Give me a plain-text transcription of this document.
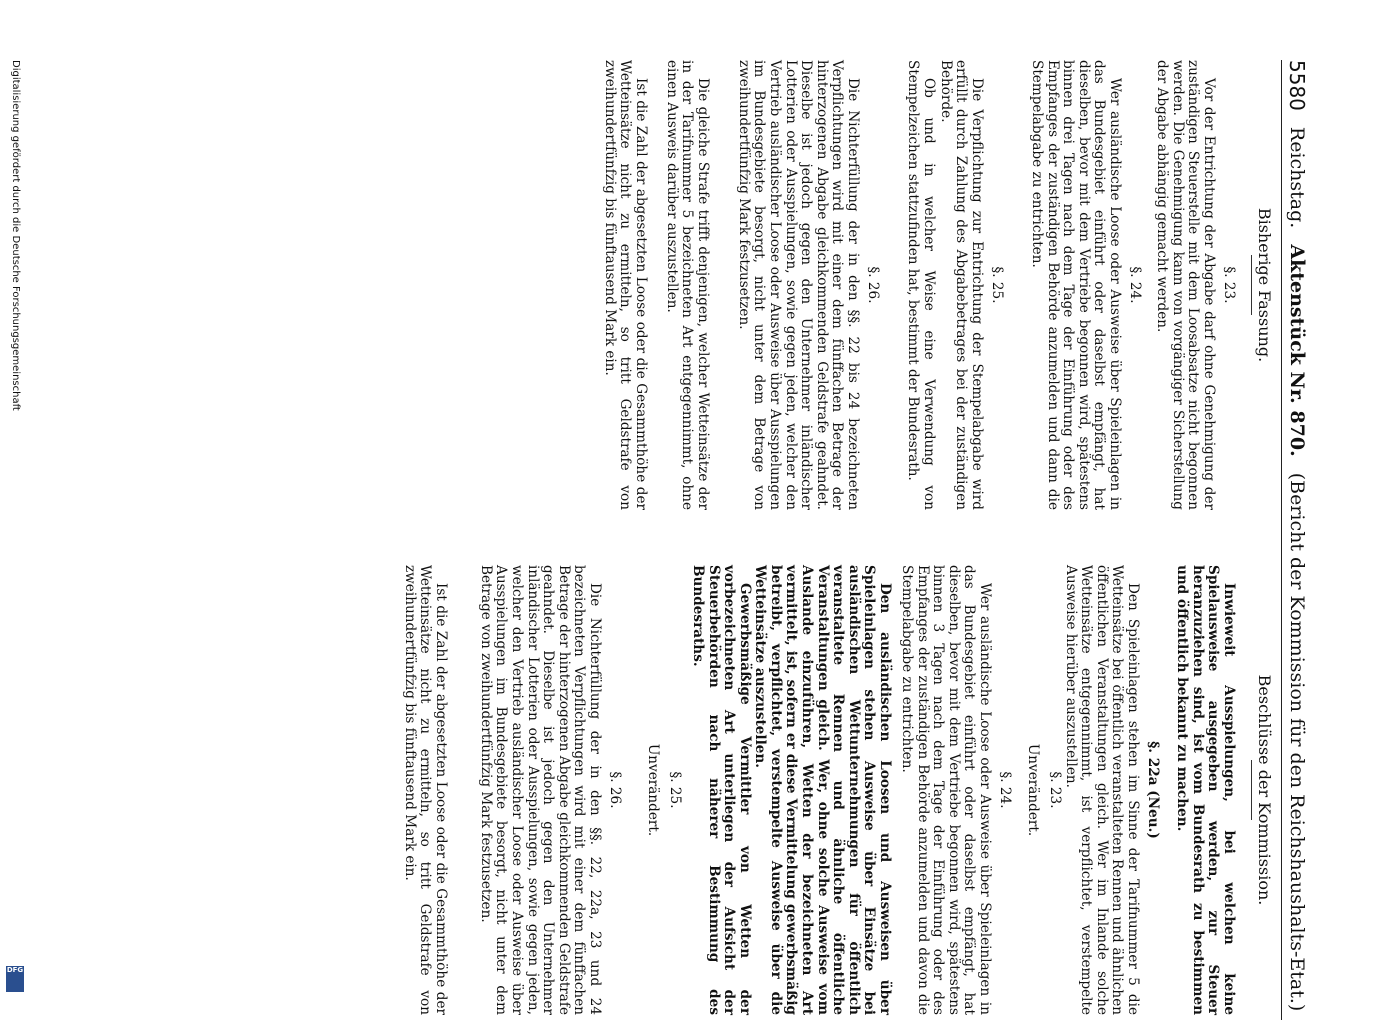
5580
Reichstag.
Aktenstück Nr. 870.
(Bericht der Kommission für den Reichshaushalts-Etat.)
Bisherige Fassung.

§. 23.

Vor der Entrichtung der Abgabe darf ohne Genehmigung der zuständigen Steuerstelle mit dem Loosabsatze nicht begonnen werden. Die Genehmigung kann von vorgängiger Sicherstellung der Abgabe abhängig gemacht werden.

§. 24.

Wer ausländische Loose oder Ausweise über Spieleinlagen in das Bundesgebiet einführt oder daselbst empfängt, hat dieselben, bevor mit dem Vertriebe begonnen wird, spätestens binnen drei Tagen nach dem Tage der Einführung oder des Empfanges der zuständigen Behörde anzumelden und dann die Stempelabgabe zu entrichten.

§. 25.

Die Verpflichtung zur Entrichtung der Stempelabgabe wird erfüllt durch Zahlung des Abgabebetrages bei der zuständigen Behörde.

Ob und in welcher Weise eine Verwendung von Stempelzeichen stattzufinden hat, bestimmt der Bundesrath.

§. 26.

Die Nichterfüllung der in den §§. 22 bis 24 bezeichneten Verpflichtungen wird mit einer dem fünffachen Betrage der hinterzogenen Abgabe gleichkommenden Geldstrafe geahndet. Dieselbe ist jedoch gegen den Unternehmer inländischer Lotterien oder Ausspielungen, sowie gegen jeden, welcher den Vertrieb ausländischer Loose oder Ausweise über Ausspielungen im Bundesgebiete besorgt, nicht unter dem Betrage von zweihundertfünfzig Mark festzusetzen.

Die gleiche Strafe trifft denjenigen, welcher Wetteinsätze der in der Tarifnummer 5 bezeichneten Art entgegennimmt, ohne einen Ausweis darüber auszustellen.

Ist die Zahl der abgesetzten Loose oder die Gesammthöhe der Wetteinsätze nicht zu ermitteln, so tritt Geldstrafe von zweihundertfünfzig bis fünftausend Mark ein.

Beschlüsse der Kommission.

Inwieweit Ausspielungen, bei welchen keine Spielausweise ausgegeben werden, zur Steuer heranzuziehen sind, ist vom Bundesrath zu bestimmen und öffentlich bekannt zu machen.

§. 22a (Neu.)

Den Spieleinlagen stehen im Sinne der Tarifnummer 5 die Wetteinsätze bei öffentlich veranstalteten Rennen und ähnlichen öffentlichen Veranstaltungen gleich. Wer im Inlande solche Wetteinsätze entgegennimmt, ist verpflichtet, verstempelte Ausweise hierüber auszustellen.

§. 23.

Unverändert.

§. 24.

Wer ausländische Loose oder Ausweise über Spieleinlagen in das Bundesgebiet einführt oder daselbst empfängt, hat dieselben, bevor mit dem Vertriebe begonnen wird, spätestens binnen 3 Tagen nach dem Tage der Einführung oder des Empfanges der zuständigen Behörde anzumelden und davon die Stempelabgabe zu entrichten.

Den ausländischen Loosen und Ausweisen über Spieleinlagen stehen Ausweise über Einsätze bei ausländischen Wettunternehmungen für öffentlich veranstaltete Rennen und ähnliche öffentliche Veranstaltungen gleich. Wer, ohne solche Ausweise vom Auslande einzuführen, Wetten der bezeichneten Art vermittelt, ist, sofern er diese Vermittelung gewerbsmäßig betreibt, verpflichtet, verstempelte Ausweise über die Wetteinsätze auszustellen.

Gewerbsmäßige Vermittler von Wetten der vorbezeichneten Art unterliegen der Aufsicht der Steuerbehörden nach näherer Bestimmung des Bundesraths.

§. 25.

Unverändert.

§. 26.

Die Nichterfüllung der in den §§. 22, 22a, 23 und 24 bezeichneten Verpflichtungen wird mit einer dem fünffachen Betrage der hinterzogenen Abgabe gleichkommenden Geldstrafe geahndet. Dieselbe ist jedoch gegen den Unternehmer inländischer Lotterien oder Ausspielungen, sowie gegen jeden, welcher den Vertrieb ausländischer Loose oder Ausweise über Ausspielungen im Bundesgebiete besorgt, nicht unter dem Betrage von zweihundertfünfzig Mark festzusetzen.

Ist die Zahl der abgesetzten Loose oder die Gesammthöhe der Wetteinsätze nicht zu ermitteln, so tritt Geldstrafe von zweihundertfünfzig bis fünftausend Mark ein.

Digitalisierung gefördert durch die Deutsche Forschungsgemeinschaft
DFG
